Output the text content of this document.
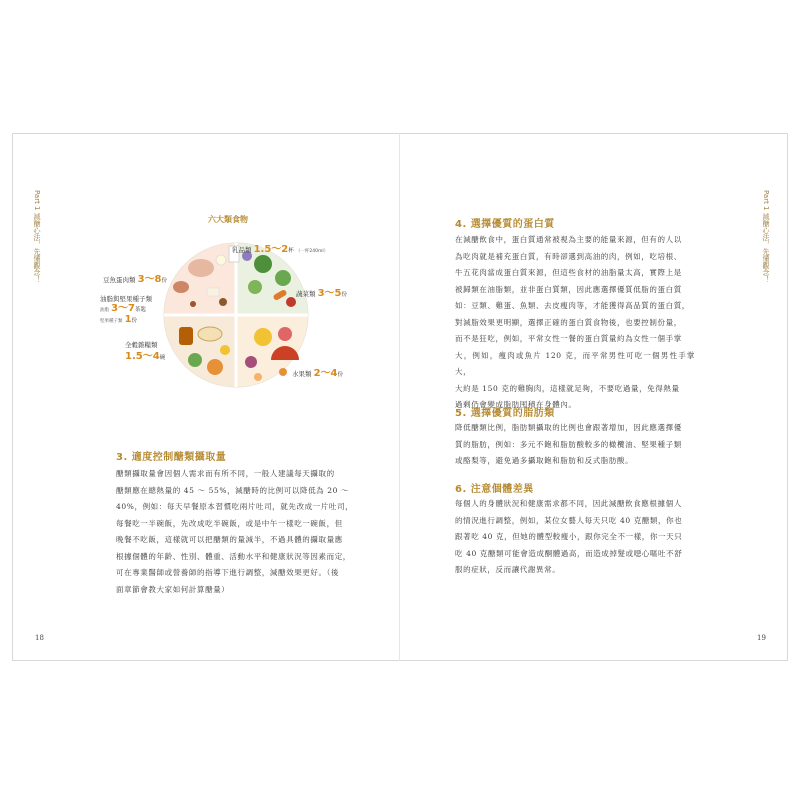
Part 1 減醣心法，先懂觀念！
18
六大類食物
乳品類 1.5～2杯 （一杯240ml）
豆魚蛋肉類 3～8份
油脂與堅果種子類
油脂 3～7茶匙
堅果種子類 1份
全穀雜糧類
1.5～4碗
蔬菜類 3～5份
水果類 2～4份
3. 適度控制醣類攝取量
醣類攝取量會因個人需求而有所不同，一般人建議每天攝取的
醣類應在總熱量的 45 ～ 55%，減醣時的比例可以降低為 20 ～
40%，例如：每天早餐原本習慣吃兩片吐司，就先改成一片吐司，
每餐吃一半碗飯，先改成吃半碗飯，或是中午一樣吃一碗飯，但
晚餐不吃飯，這樣就可以把醣類的量減半，不過具體的攝取量應
根據個體的年齡、性別、體重、活動水平和健康狀況等因素而定，
可在專業醫師或營養師的指導下進行調整，減醣效果更好。（後
面章節會教大家如何計算醣量）
Part 1 減醣心法，先懂觀念！
19
4. 選擇優質的蛋白質
在減醣飲食中，蛋白質通常被視為主要的能量來源，但有的人以
為吃肉就是補充蛋白質，有時卻選到高油的肉，例如，吃培根、
牛五花肉當成蛋白質來源，但這些食材的油脂量太高，實際上是
被歸類在油脂類，並非蛋白質類，因此應選擇優質低脂的蛋白質
如：豆類、雞蛋、魚類、去皮瘦肉等，才能獲得高品質的蛋白質，
對減脂效果更明顯，選擇正確的蛋白質食物後，也要控制份量，
而不是狂吃，例如，平常女性一餐的蛋白質量約為女性一個手掌
大，例如，瘦肉或魚片 120 克，而平常男性可吃一個男性手掌大，
大約是 150 克的雞胸肉，這樣就足夠，不要吃過量，免得熱量
過剩仍會變成脂肪囤積在身體內。
5. 選擇優質的脂肪類
降低醣類比例，脂肪類攝取的比例也會跟著增加，因此應選擇優
質的脂肪，例如：多元不飽和脂肪酸較多的橄欖油、堅果種子類
或酪梨等，避免過多攝取飽和脂肪和反式脂肪酸。
6. 注意個體差異
每個人的身體狀況和健康需求都不同，因此減醣飲食應根據個人
的情況進行調整，例如，某位女藝人每天只吃 40 克醣類，你也
跟著吃 40 克，但她的體型較瘦小，跟你完全不一樣，你一天只
吃 40 克醣類可能會造成酮體過高，而造成掉髮或噁心嘔吐不舒
服的症狀，反而讓代謝異常。
